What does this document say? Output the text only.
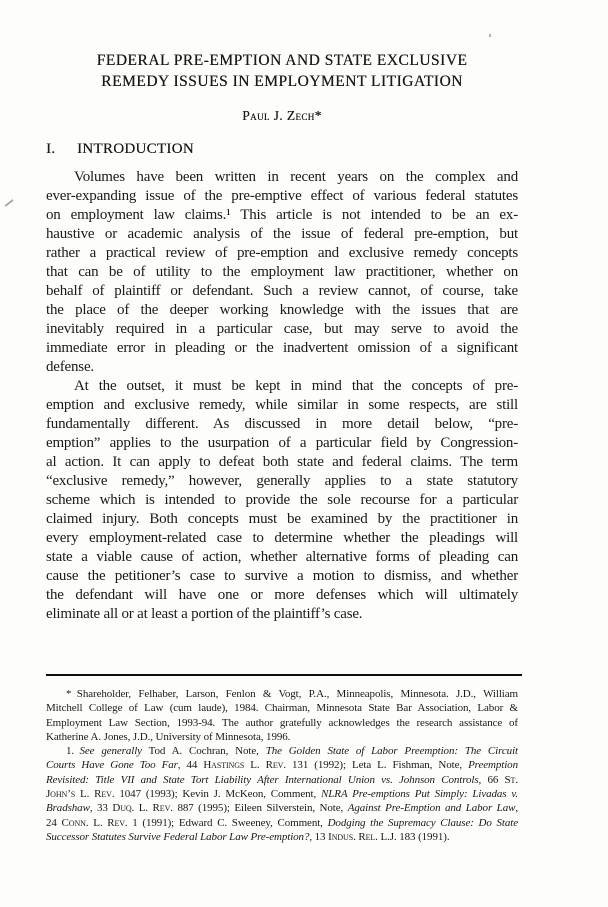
FEDERAL PRE-EMPTION AND STATE EXCLUSIVE
REMEDY ISSUES IN EMPLOYMENT LITIGATION
Paul J. Zech*
I.	INTRODUCTION
Volumes have been written in recent years on the complex and
ever-expanding issue of the pre-emptive effect of various federal statutes
on employment law claims.¹ This article is not intended to be an ex-
haustive or academic analysis of the issue of federal pre-emption, but
rather a practical review of pre-emption and exclusive remedy concepts
that can be of utility to the employment law practitioner, whether on
behalf of plaintiff or defendant. Such a review cannot, of course, take
the place of the deeper working knowledge with the issues that are
inevitably required in a particular case, but may serve to avoid the
immediate error in pleading or the inadvertent omission of a significant
defense.
At the outset, it must be kept in mind that the concepts of pre-
emption and exclusive remedy, while similar in some respects, are still
fundamentally different. As discussed in more detail below, “pre-
emption” applies to the usurpation of a particular field by Congression-
al action. It can apply to defeat both state and federal claims. The term
“exclusive remedy,” however, generally applies to a state statutory
scheme which is intended to provide the sole recourse for a particular
claimed injury. Both concepts must be examined by the practitioner in
every employment-related case to determine whether the pleadings will
state a viable cause of action, whether alternative forms of pleading can
cause the petitioner’s case to survive a motion to dismiss, and whether
the defendant will have one or more defenses which will ultimately
eliminate all or at least a portion of the plaintiff’s case.
* Shareholder, Felhaber, Larson, Fenlon & Vogt, P.A., Minneapolis, Minnesota. J.D., William
Mitchell College of Law (cum laude), 1984. Chairman, Minnesota State Bar Association, Labor &
Employment Law Section, 1993-94. The author gratefully acknowledges the research assistance of
Katherine A. Jones, J.D., University of Minnesota, 1996.
1. See generally Tod A. Cochran, Note, The Golden State of Labor Preemption: The Circuit
Courts Have Gone Too Far, 44 Hastings L. Rev. 131 (1992); Leta L. Fishman, Note, Preemption
Revisited: Title VII and State Tort Liability After International Union vs. Johnson Controls, 66 St.
John’s L. Rev. 1047 (1993); Kevin J. McKeon, Comment, NLRA Pre-emptions Put Simply: Livadas v.
Bradshaw, 33 Duq. L. Rev. 887 (1995); Eileen Silverstein, Note, Against Pre-Emption and Labor Law,
24 Conn. L. Rev. 1 (1991); Edward C. Sweeney, Comment, Dodging the Supremacy Clause: Do State
Successor Statutes Survive Federal Labor Law Pre-emption?, 13 Indus. Rel. L.J. 183 (1991).
